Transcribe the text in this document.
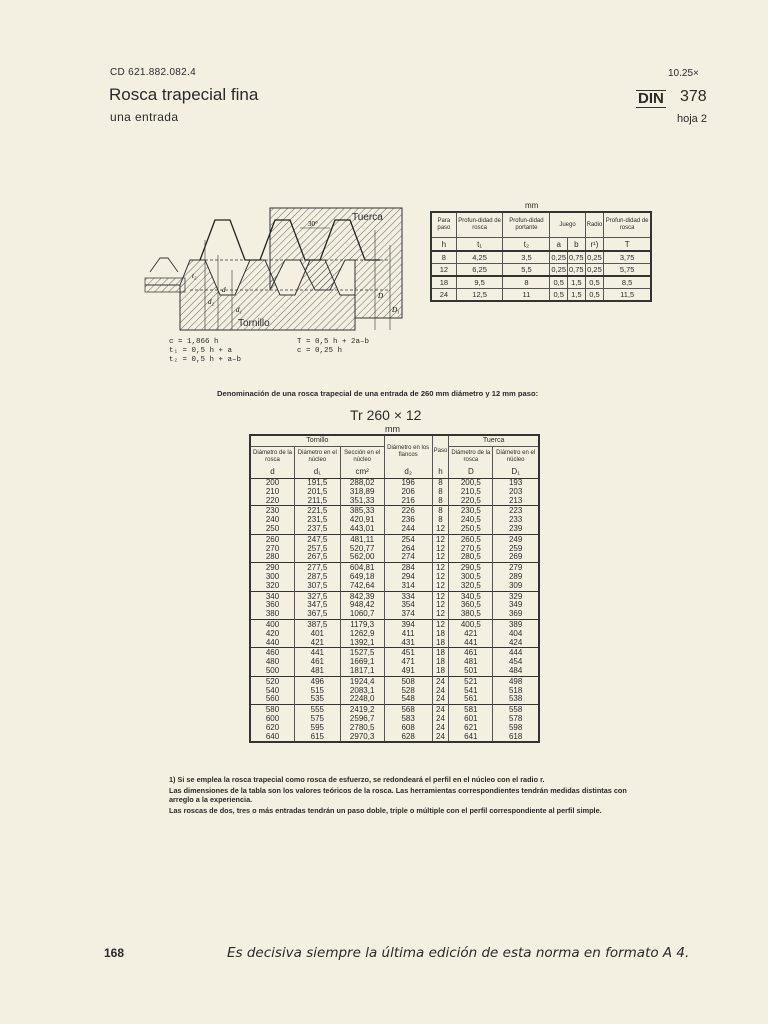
CD 621.882.082.4
Rosca trapecial fina
una entrada
10.25×
DIN 378
hoja 2
30°
t₂
d₂
d
D
D₁
d₁
Tuerca
Tornillo
c = 1,866 h
t₁ = 0,5 h + a
t₂ = 0,5 h + a–b
T = 0,5 h + 2a–b
c = 0,25 h
mm
Para paso	Profun-didad de rosca	Profun-didad portante	Juego		Radio	Profun-didad de rosca
h	t₁	t₂	a	b	r¹)	T
8	4,25	3,5	0,25	0,75	0,25	3,75
12	6,25	5,5	0,25	0,75	0,25	5,75
18	9,5	8	0,5	1,5	0,5	8,5
24	12,5	11	0,5	1,5	0,5	11,5
Denominación de una rosca trapecial de una entrada de 260 mm diámetro y 12 mm paso:
Tr 260 × 12
mm
Tornillo			Diámetro en los flancos	Paso	Tuerca	
Diámetro de la rosca	Diámetro en el núcleo	Sección en el núcleo			Diámetro de la rosca	Diámetro en el núcleo
d	d₁	cm²	d₂	h	D	D₁
200	191,5	288,02	196	8	200,5	193
210	201,5	318,89	206	8	210,5	203
220	211,5	351,33	216	8	220,5	213
230	221,5	385,33	226	8	230,5	223
240	231,5	420,91	236	8	240,5	233
250	237,5	443,01	244	12	250,5	239
260	247,5	481,11	254	12	260,5	249
270	257,5	520,77	264	12	270,5	259
280	267,5	562,00	274	12	280,5	269
290	277,5	604,81	284	12	290,5	279
300	287,5	649,18	294	12	300,5	289
320	307,5	742,64	314	12	320,5	309
340	327,5	842,39	334	12	340,5	329
360	347,5	948,42	354	12	360,5	349
380	367,5	1060,7	374	12	380,5	369
400	387,5	1179,3	394	12	400,5	389
420	401	1262,9	411	18	421	404
440	421	1392,1	431	18	441	424
460	441	1527,5	451	18	461	444
480	461	1669,1	471	18	481	454
500	481	1817,1	491	18	501	484
520	496	1924,4	508	24	521	498
540	515	2083,1	528	24	541	518
560	535	2248,0	548	24	561	538
580	555	2419,2	568	24	581	558
600	575	2596,7	583	24	601	578
620	595	2780,5	608	24	621	598
640	615	2970,3	628	24	641	618

1) Si se emplea la rosca trapecial como rosca de esfuerzo, se redondeará el perfil en el núcleo con el radio r.

Las dimensiones de la tabla son los valores teóricos de la rosca. Las herramientas correspondientes tendrán medidas distintas con arreglo a la experiencia.

Las roscas de dos, tres o más entradas tendrán un paso doble, triple o múltiple con el perfil correspondiente al perfil simple.

168	Es decisiva siempre la última edición de esta norma en formato A 4.
